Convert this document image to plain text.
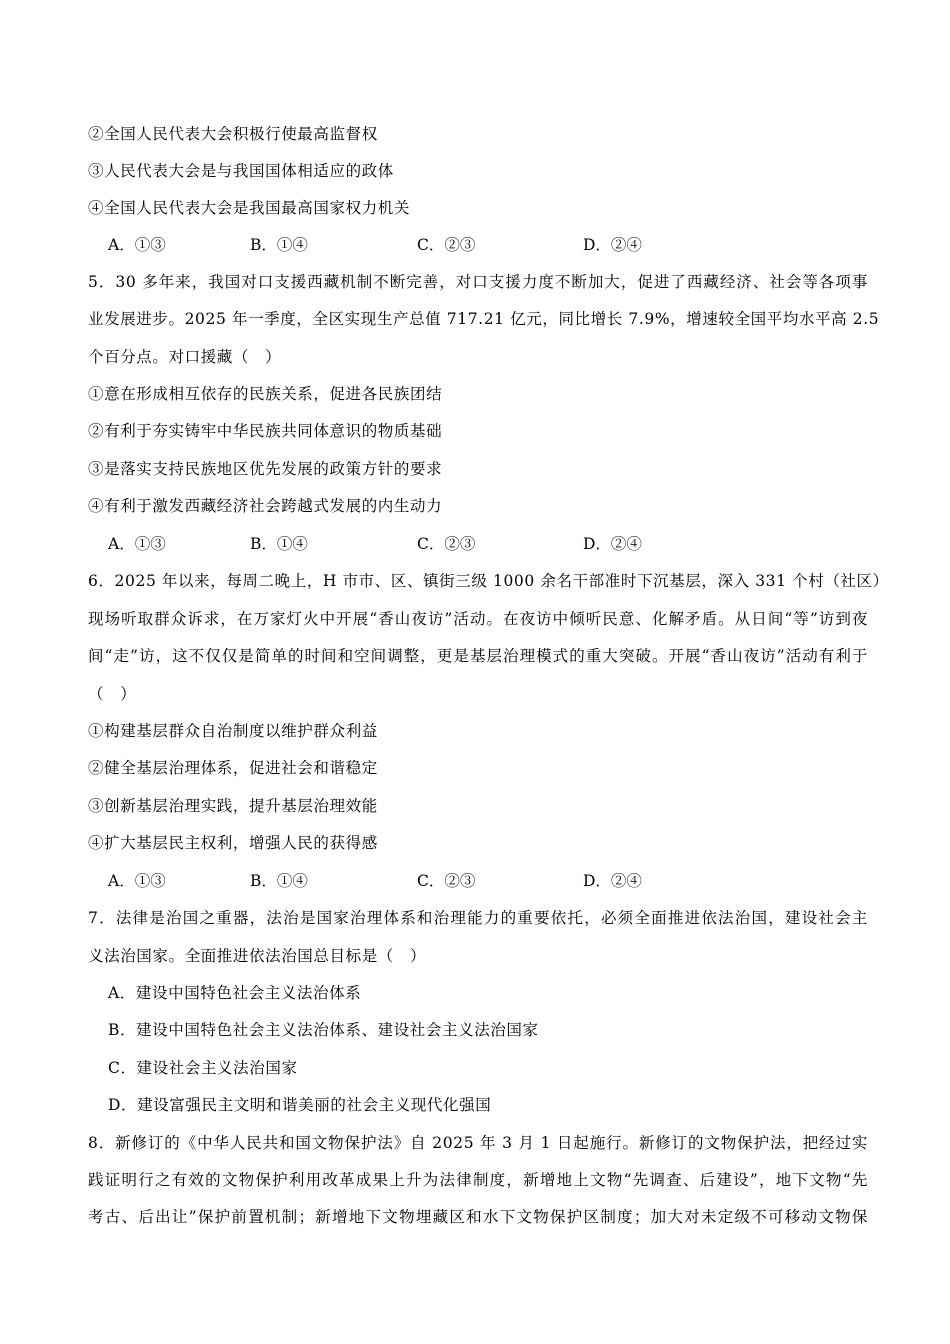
②全国人民代表大会积极行使最高监督权
③人民代表大会是与我国国体相适应的政体
④全国人民代表大会是我国最高国家权力机关
A．①③	B．①④	C．②③	D．②④
5．30 多年来，我国对口支援西藏机制不断完善，对口支援力度不断加大，促进了西藏经济、社会等各项事
业发展进步。2025 年一季度，全区实现生产总值 717.21 亿元，同比增长 7.9%，增速较全国平均水平高 2.5
个百分点。对口援藏（　）
①意在形成相互依存的民族关系，促进各民族团结
②有利于夯实铸牢中华民族共同体意识的物质基础
③是落实支持民族地区优先发展的政策方针的要求
④有利于激发西藏经济社会跨越式发展的内生动力
A．①③	B．①④	C．②③	D．②④
6．2025 年以来，每周二晚上，H 市市、区、镇街三级 1000 余名干部准时下沉基层，深入 331 个村（社区）
现场听取群众诉求，在万家灯火中开展“香山夜访”活动。在夜访中倾听民意、化解矛盾。从日间“等”访到夜
间“走”访，这不仅仅是简单的时间和空间调整，更是基层治理模式的重大突破。开展“香山夜访”活动有利于
（　）
①构建基层群众自治制度以维护群众利益
②健全基层治理体系，促进社会和谐稳定
③创新基层治理实践，提升基层治理效能
④扩大基层民主权利，增强人民的获得感
A．①③	B．①④	C．②③	D．②④
7．法律是治国之重器，法治是国家治理体系和治理能力的重要依托，必须全面推进依法治国，建设社会主
义法治国家。全面推进依法治国总目标是（　）
A．建设中国特色社会主义法治体系
B．建设中国特色社会主义法治体系、建设社会主义法治国家
C．建设社会主义法治国家
D．建设富强民主文明和谐美丽的社会主义现代化强国
8．新修订的《中华人民共和国文物保护法》自 2025 年 3 月 1 日起施行。新修订的文物保护法，把经过实
践证明行之有效的文物保护利用改革成果上升为法律制度，新增地上文物“先调查、后建设”，地下文物“先
考古、后出让”保护前置机制；新增地下文物埋藏区和水下文物保护区制度；加大对未定级不可移动文物保
